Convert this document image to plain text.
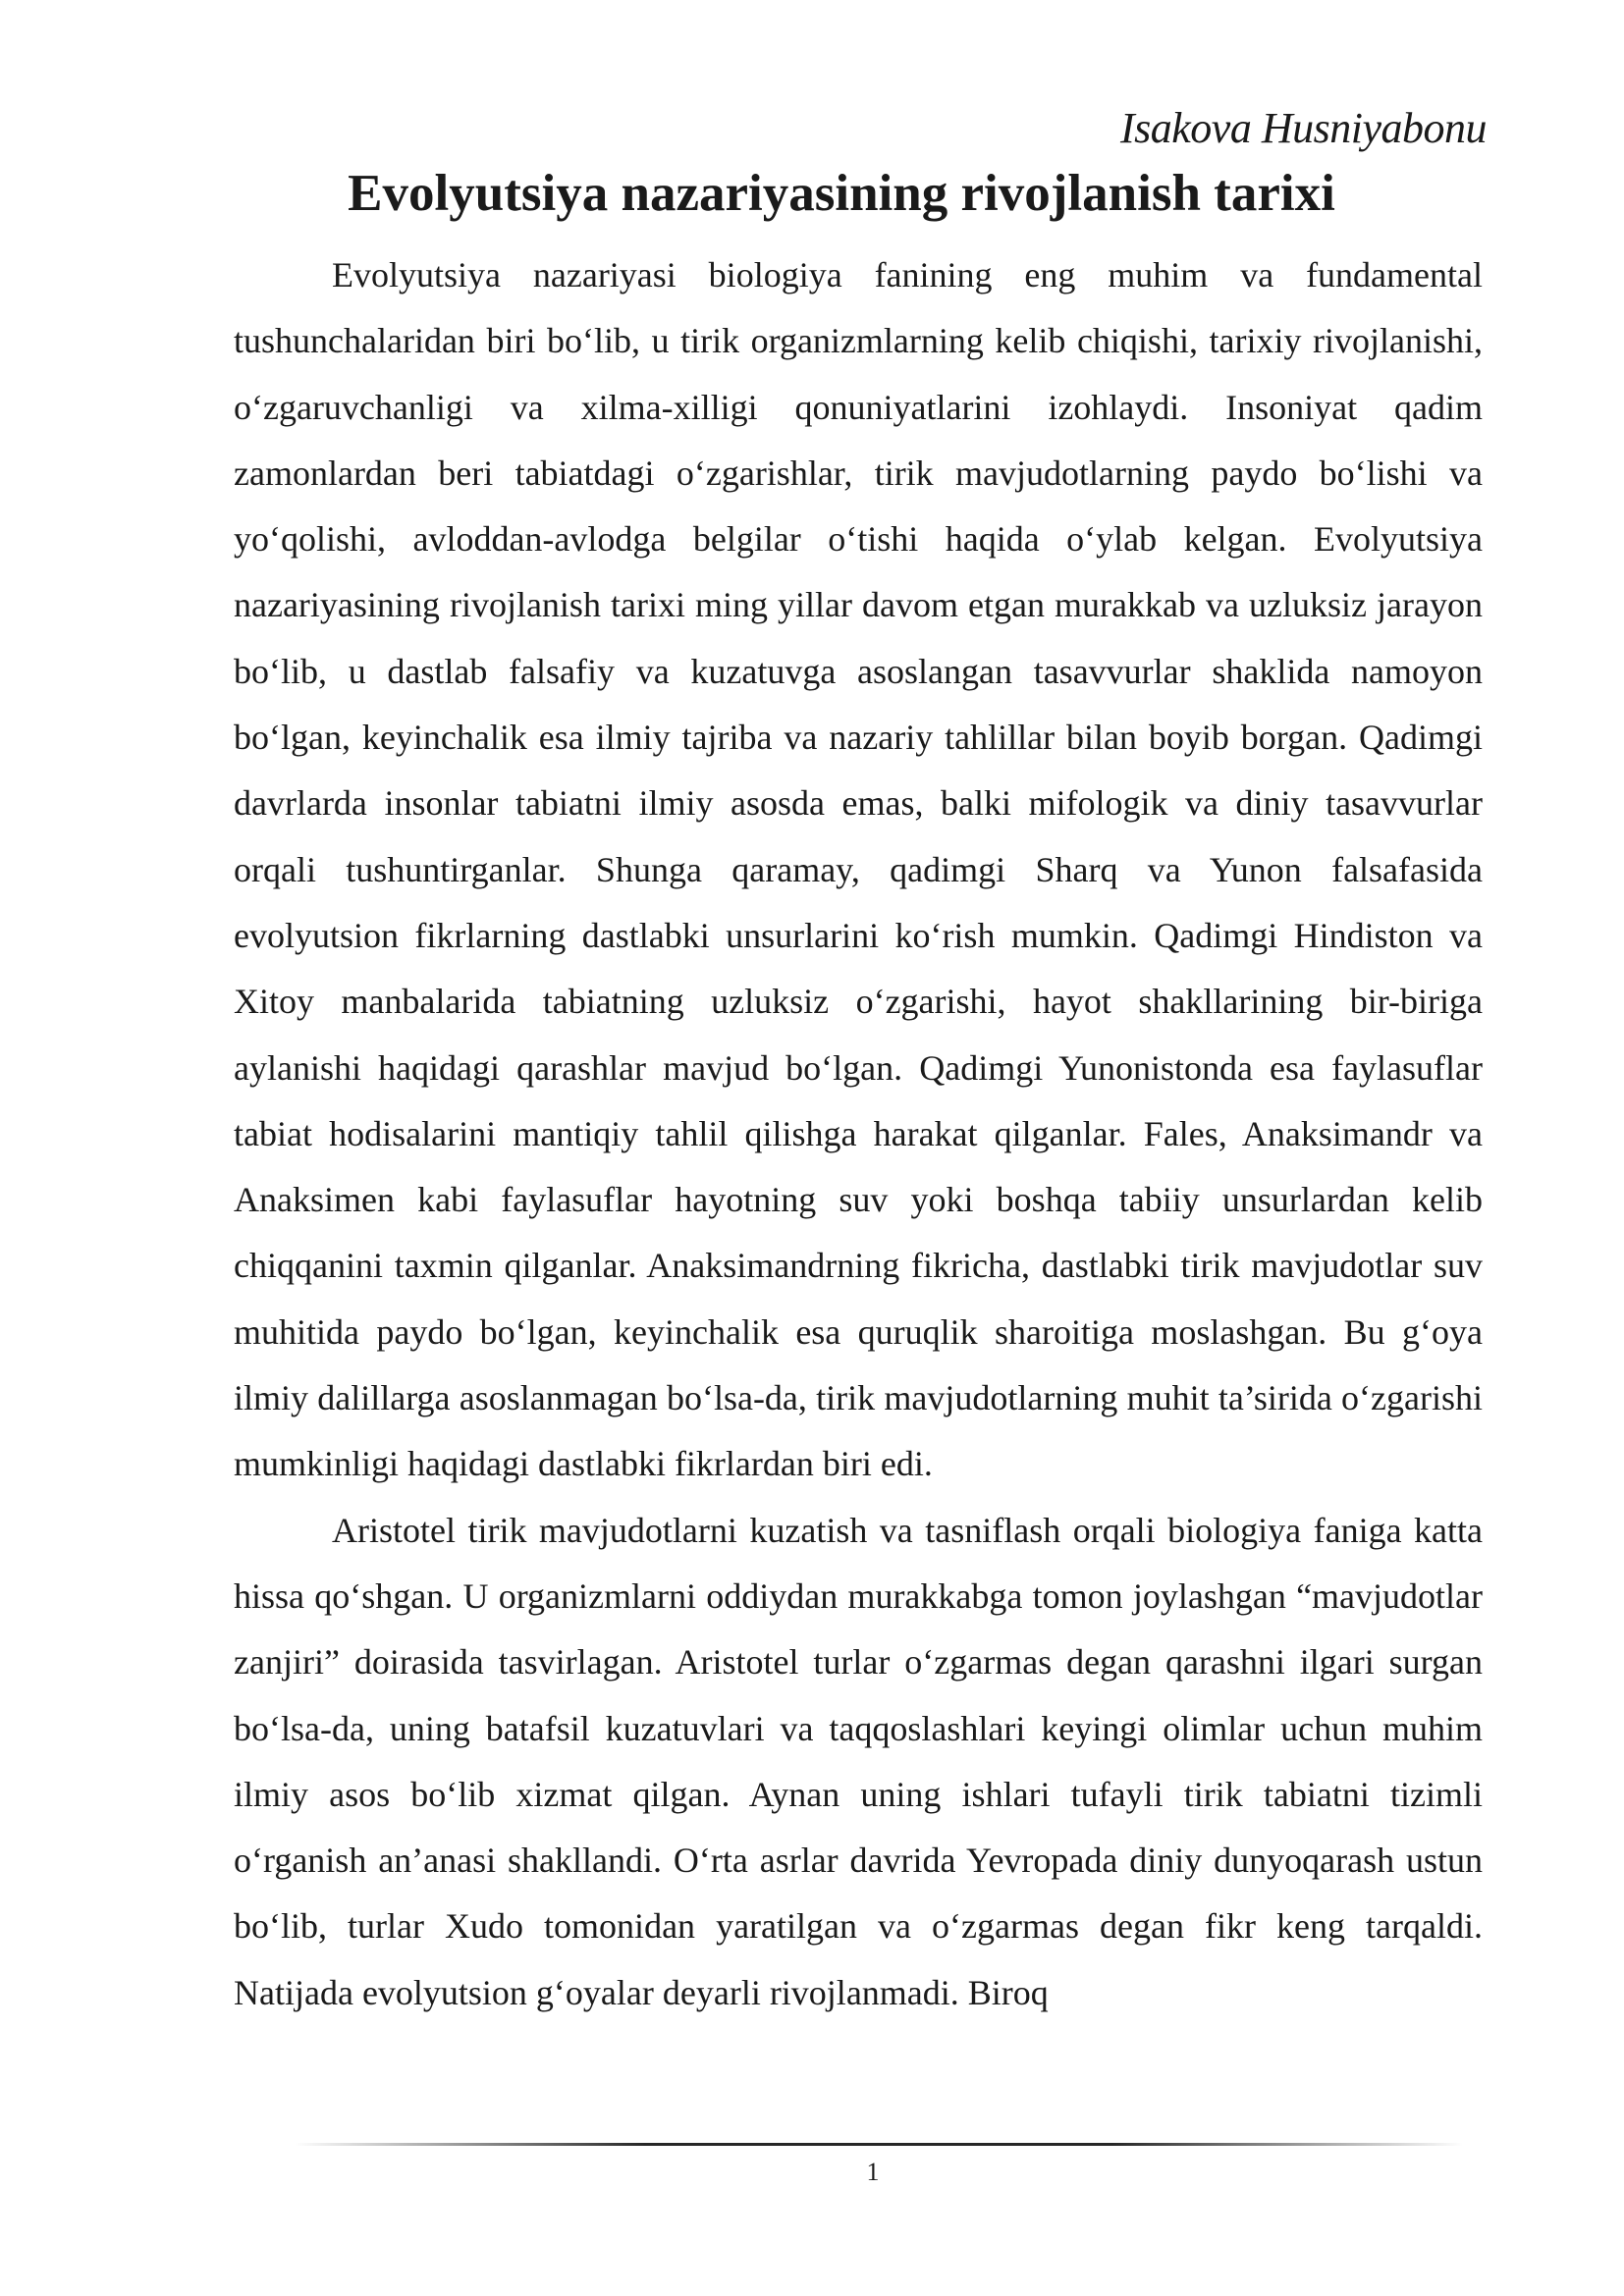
Isakova Husniyabonu
Evolyutsiya nazariyasining rivojlanish tarixi

Evolyutsiya nazariyasi biologiya fanining eng muhim va fundamental tushunchalaridan biri bo‘lib, u tirik organizmlarning kelib chiqishi, tarixiy rivojlanishi, o‘zgaruvchanligi va xilma-xilligi qonuniyatlarini izohlaydi. Insoniyat qadim zamonlardan beri tabiatdagi o‘zgarishlar, tirik mavjudotlarning paydo bo‘lishi va yo‘qolishi, avloddan-avlodga belgilar o‘tishi haqida o‘ylab kelgan. Evolyutsiya nazariyasining rivojlanish tarixi ming yillar davom etgan murakkab va uzluksiz jarayon bo‘lib, u dastlab falsafiy va kuzatuvga asoslangan tasavvurlar shaklida namoyon bo‘lgan, keyinchalik esa ilmiy tajriba va nazariy tahlillar bilan boyib borgan. Qadimgi davrlarda insonlar tabiatni ilmiy asosda emas, balki mifologik va diniy tasavvurlar orqali tushuntirganlar. Shunga qaramay, qadimgi Sharq va Yunon falsafasida evolyutsion fikrlarning dastlabki unsurlarini ko‘rish mumkin. Qadimgi Hindiston va Xitoy manbalarida tabiatning uzluksiz o‘zgarishi, hayot shakllarining bir-biriga aylanishi haqidagi qarashlar mavjud bo‘lgan. Qadimgi Yunonistonda esa faylasuflar tabiat hodisalarini mantiqiy tahlil qilishga harakat qilganlar. Fales, Anaksimandr va Anaksimen kabi faylasuflar hayotning suv yoki boshqa tabiiy unsurlardan kelib chiqqanini taxmin qilganlar. Anaksimandrning fikricha, dastlabki tirik mavjudotlar suv muhitida paydo bo‘lgan, keyinchalik esa quruqlik sharoitiga moslashgan. Bu g‘oya ilmiy dalillarga asoslanmagan bo‘lsa-da, tirik mavjudotlarning muhit ta’sirida o‘zgarishi mumkinligi haqidagi dastlabki fikrlardan biri edi.

Aristotel tirik mavjudotlarni kuzatish va tasniflash orqali biologiya faniga katta hissa qo‘shgan. U organizmlarni oddiydan murakkabga tomon joylashgan “mavjudotlar zanjiri” doirasida tasvirlagan. Aristotel turlar o‘zgarmas degan qarashni ilgari surgan bo‘lsa-da, uning batafsil kuzatuvlari va taqqoslashlari keyingi olimlar uchun muhim ilmiy asos bo‘lib xizmat qilgan. Aynan uning ishlari tufayli tirik tabiatni tizimli o‘rganish an’anasi shakllandi. O‘rta asrlar davrida Yevropada diniy dunyoqarash ustun bo‘lib, turlar Xudo tomonidan yaratilgan va o‘zgarmas degan fikr keng tarqaldi. Natijada evolyutsion g‘oyalar deyarli rivojlanmadi. Biroq

1
